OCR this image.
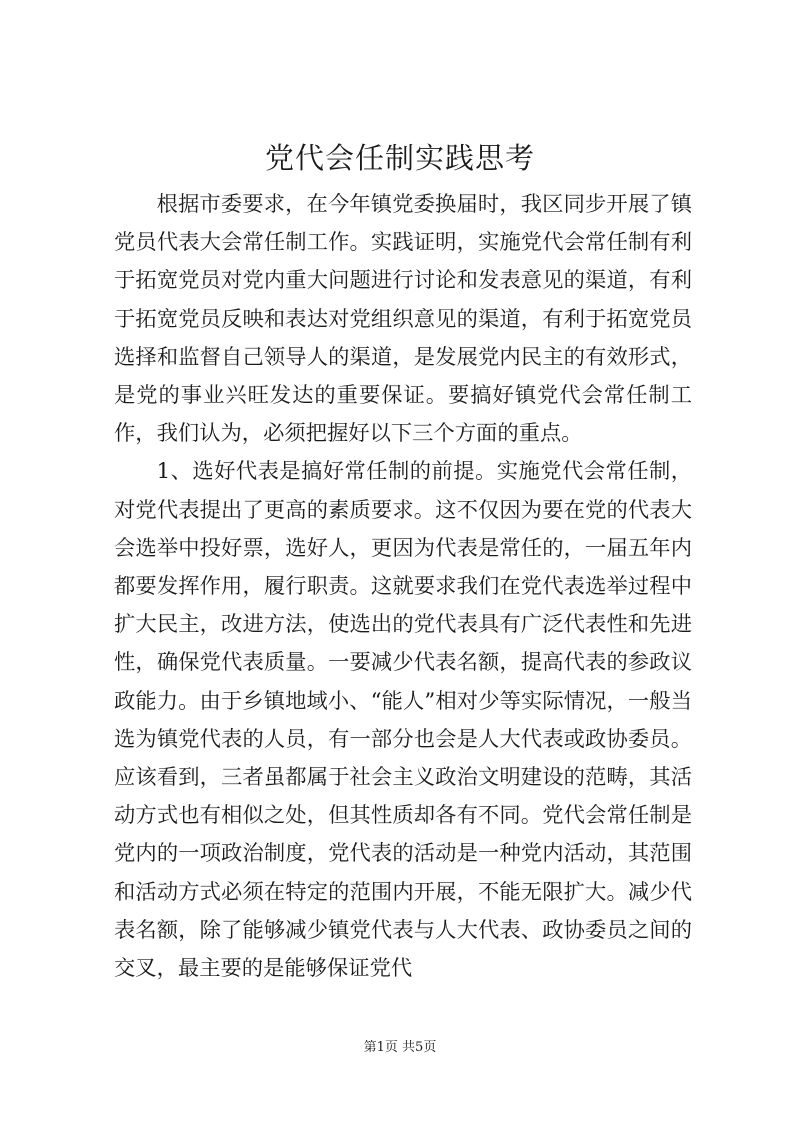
党代会任制实践思考

根据市委要求，在今年镇党委换届时，我区同步开展了镇党员代表大会常任制工作。实践证明，实施党代会常任制有利于拓宽党员对党内重大问题进行讨论和发表意见的渠道，有利于拓宽党员反映和表达对党组织意见的渠道，有利于拓宽党员选择和监督自己领导人的渠道，是发展党内民主的有效形式，是党的事业兴旺发达的重要保证。要搞好镇党代会常任制工作，我们认为，必须把握好以下三个方面的重点。

1、选好代表是搞好常任制的前提。实施党代会常任制，对党代表提出了更高的素质要求。这不仅因为要在党的代表大会选举中投好票，选好人，更因为代表是常任的，一届五年内都要发挥作用，履行职责。这就要求我们在党代表选举过程中扩大民主，改进方法，使选出的党代表具有广泛代表性和先进性，确保党代表质量。一要减少代表名额，提高代表的参政议政能力。由于乡镇地域小、“能人”相对少等实际情况，一般当选为镇党代表的人员，有一部分也会是人大代表或政协委员。应该看到，三者虽都属于社会主义政治文明建设的范畴，其活动方式也有相似之处，但其性质却各有不同。党代会常任制是党内的一项政治制度，党代表的活动是一种党内活动，其范围和活动方式必须在特定的范围内开展，不能无限扩大。减少代表名额，除了能够减少镇党代表与人大代表、政协委员之间的交叉，最主要的是能够保证党代

第1页 共5页
